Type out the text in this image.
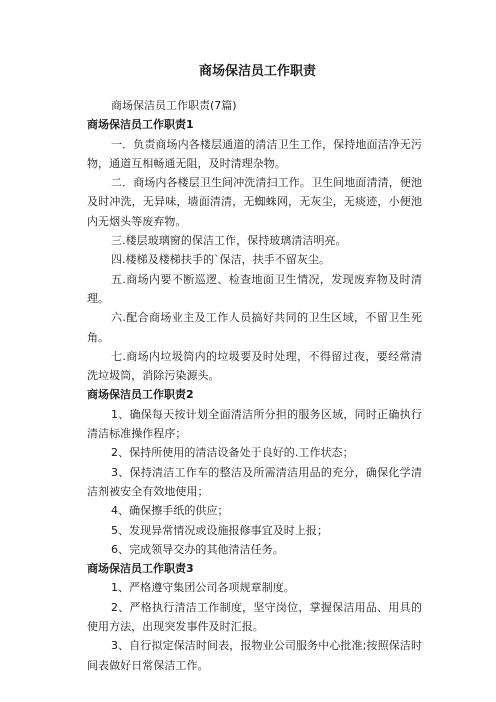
商场保洁员工作职责
商场保洁员工作职责(7篇)
商场保洁员工作职责1

一．负责商场内各楼层通道的清洁卫生工作，保持地面洁净无污物，通道互相畅通无阻，及时清理杂物。

二．商场内各楼层卫生间冲洗清扫工作。卫生间地面清清，便池及时冲洗，无异味，墙面清清，无蜘蛛网，无灰尘，无痰迹，小便池内无烟头等废弃物。

三.楼层玻璃窗的保洁工作，保持玻璃清洁明亮。

四.楼梯及楼梯扶手的`保洁，扶手不留灰尘。

五.商场内要不断巡逻、检查地面卫生情况，发现废弃物及时清理。

六.配合商场业主及工作人员搞好共同的卫生区域，不留卫生死角。

七.商场内垃圾筒内的垃圾要及时处理，不得留过夜，要经常清洗垃圾筒，消除污染源头。

商场保洁员工作职责2

1、确保每天按计划全面清洁所分担的服务区域，同时正确执行清洁标准操作程序；

2、保持所使用的清洁设备处于良好的.工作状态；

3、保持清洁工作车的整洁及所需清洁用品的充分，确保化学清洁剂被安全有效地使用；

4、确保擦手纸的供应；

5、发现异常情况或设施报修事宜及时上报；

6、完成领导交办的其他清洁任务。

商场保洁员工作职责3

1、严格遵守集团公司各项规章制度。

2、严格执行清洁工作制度，坚守岗位，掌握保洁用品、用具的使用方法，出现突发事件及时汇报。

3、自行拟定保洁时间表，报物业公司服务中心批准;按照保洁时间表做好日常保洁工作。
